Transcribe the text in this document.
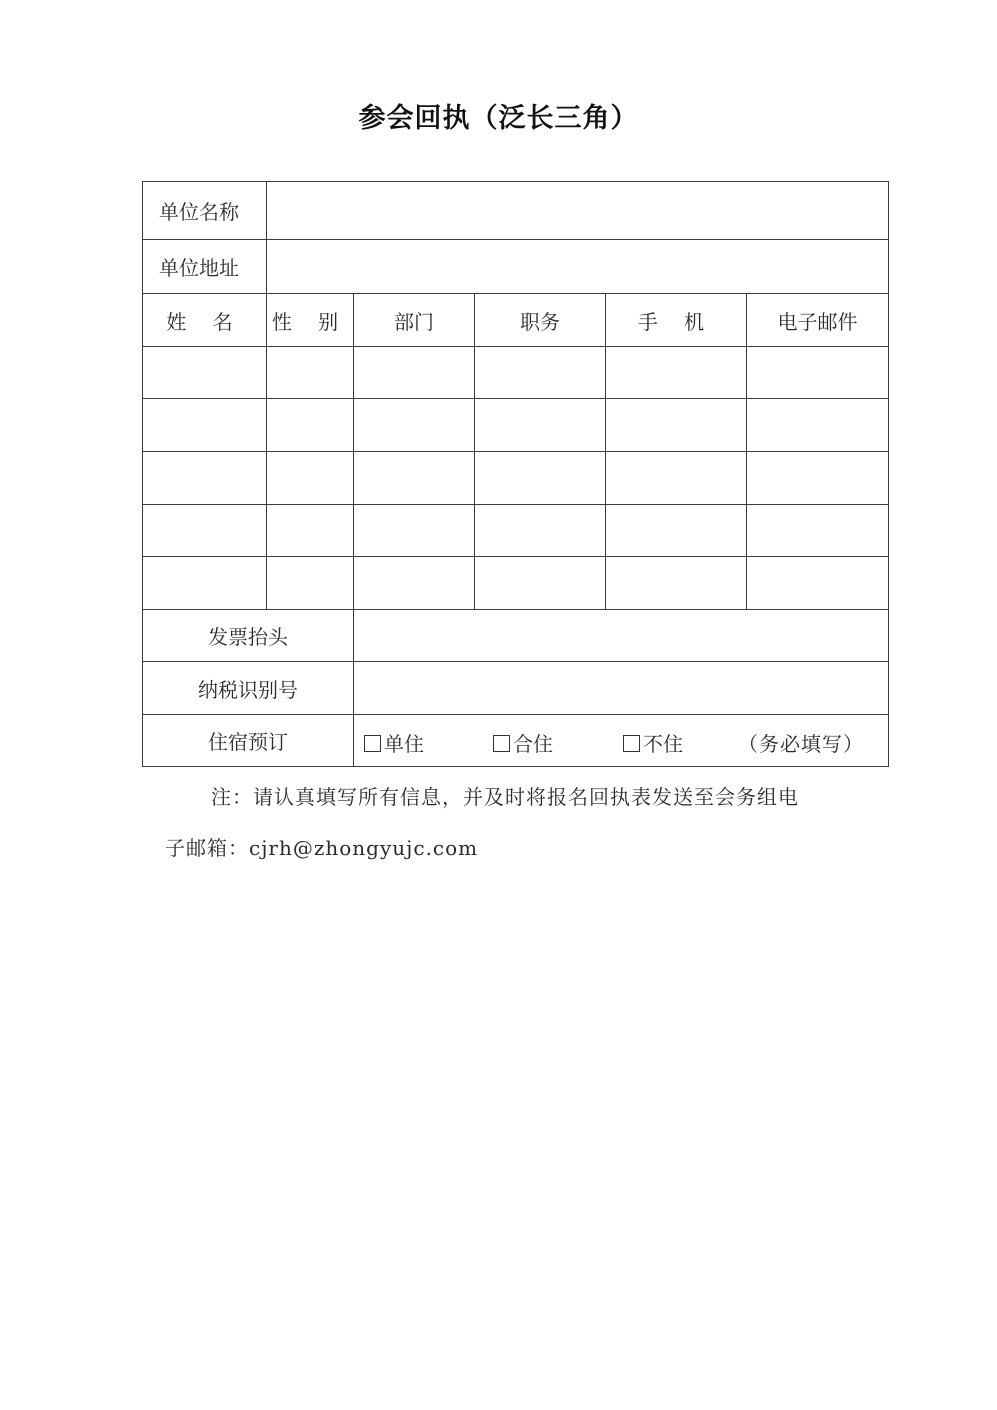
参会回执（泛长三角）
单位名称					
单位地址					
姓 名	性 别	部门	职务	手 机	电子邮件

发票抬头					
纳税识别号					
住宿预订		单住 合住 不住 （务必填写）			
注：请认真填写所有信息，并及时将报名回执表发送至会务组电
子邮箱：cjrh@zhongyujc.com
